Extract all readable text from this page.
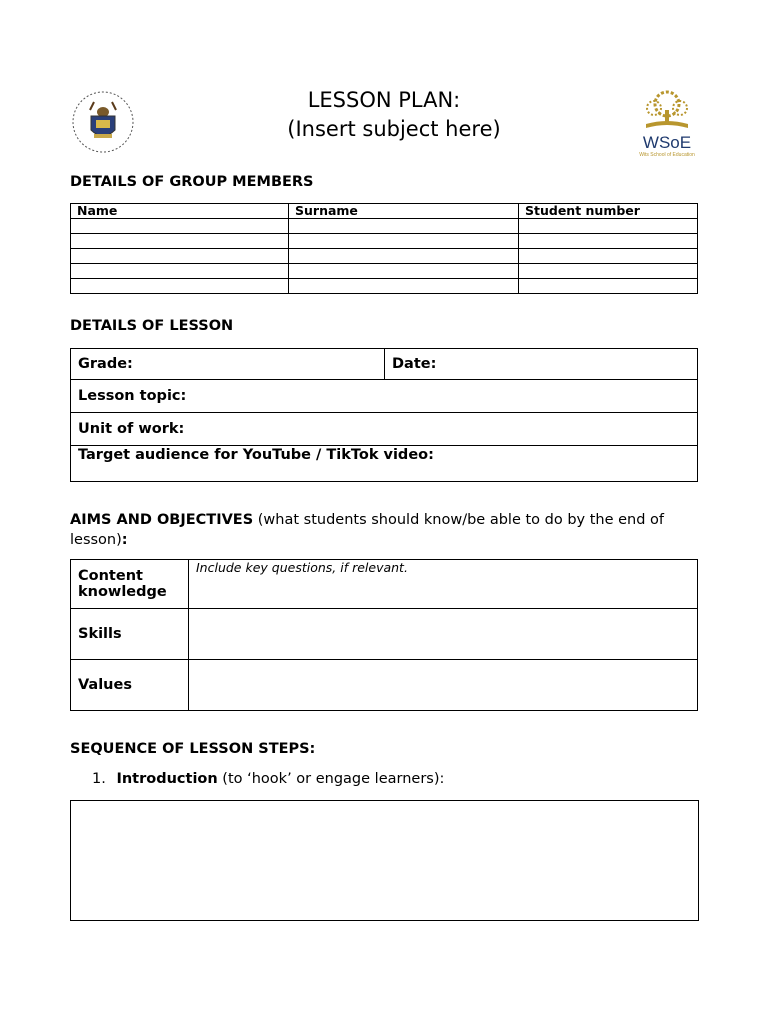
LESSON PLAN:
(Insert subject here)
WSoE
Wits School of Education
DETAILS OF GROUP MEMBERS
Name	Surname	Student number

DETAILS OF LESSON
Grade:	Date:
Lesson topic:
Unit of work:
Target audience for YouTube / TikTok video:
AIMS AND OBJECTIVES (what students should know/be able to do by the end of lesson):
Content knowledge	Include key questions, if relevant.
Skills	
Values	
SEQUENCE OF LESSON STEPS:
1. Introduction (to ‘hook’ or engage learners):
